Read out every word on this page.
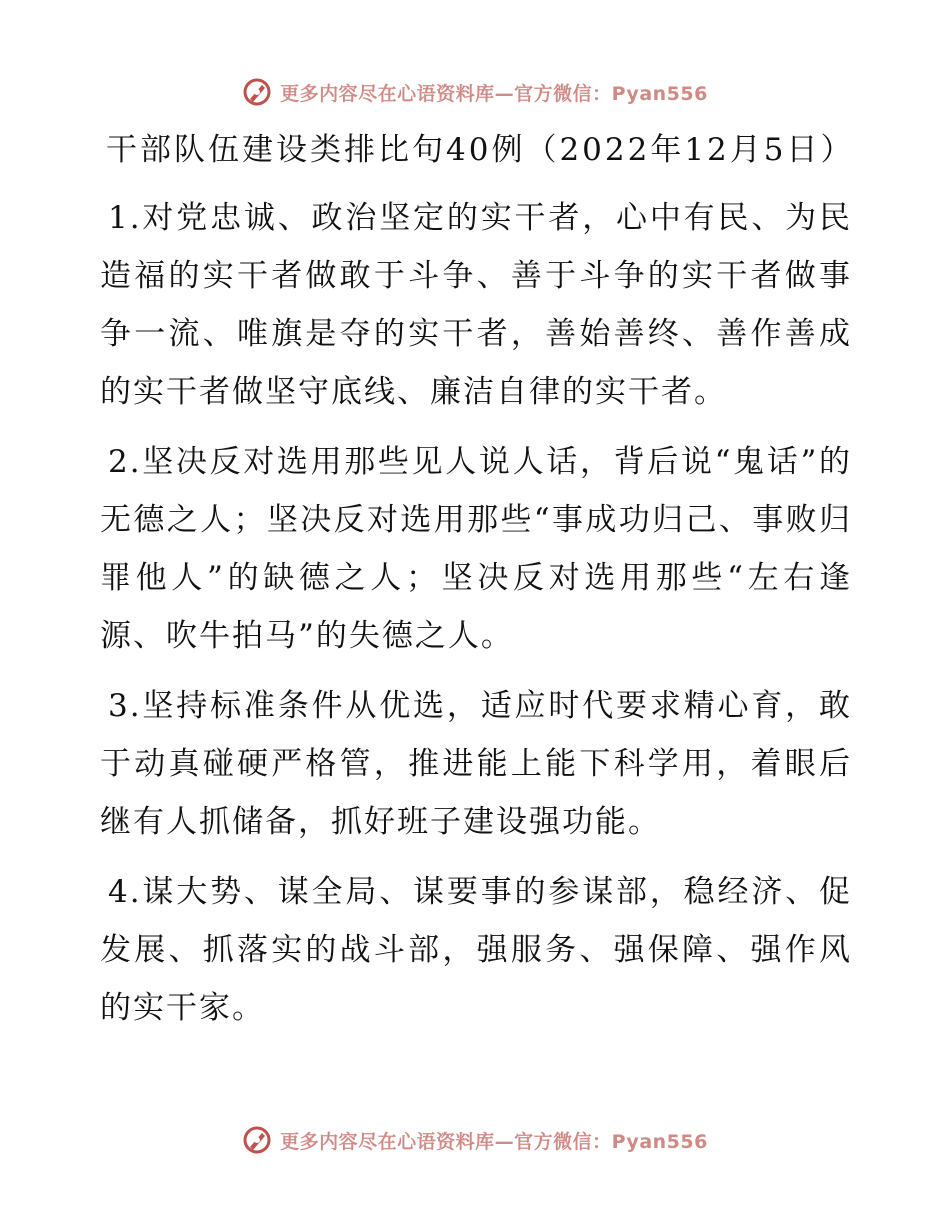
更多内容尽在心语资料库—官方微信：Pyan556
干部队伍建设类排比句40例（2022年12月5日）

1.对党忠诚、政治坚定的实干者，心中有民、为民造福的实干者做敢于斗争、善于斗争的实干者做事争一流、唯旗是夺的实干者，善始善终、善作善成的实干者做坚守底线、廉洁自律的实干者。

2.坚决反对选用那些见人说人话，背后说“鬼话”的无德之人；坚决反对选用那些“事成功归己、事败归罪他人”的缺德之人；坚决反对选用那些“左右逢源、吹牛拍马”的失德之人。

3.坚持标准条件从优选，适应时代要求精心育，敢于动真碰硬严格管，推进能上能下科学用，着眼后继有人抓储备，抓好班子建设强功能。

4.谋大势、谋全局、谋要事的参谋部，稳经济、促发展、抓落实的战斗部，强服务、强保障、强作风的实干家。

更多内容尽在心语资料库—官方微信：Pyan556
